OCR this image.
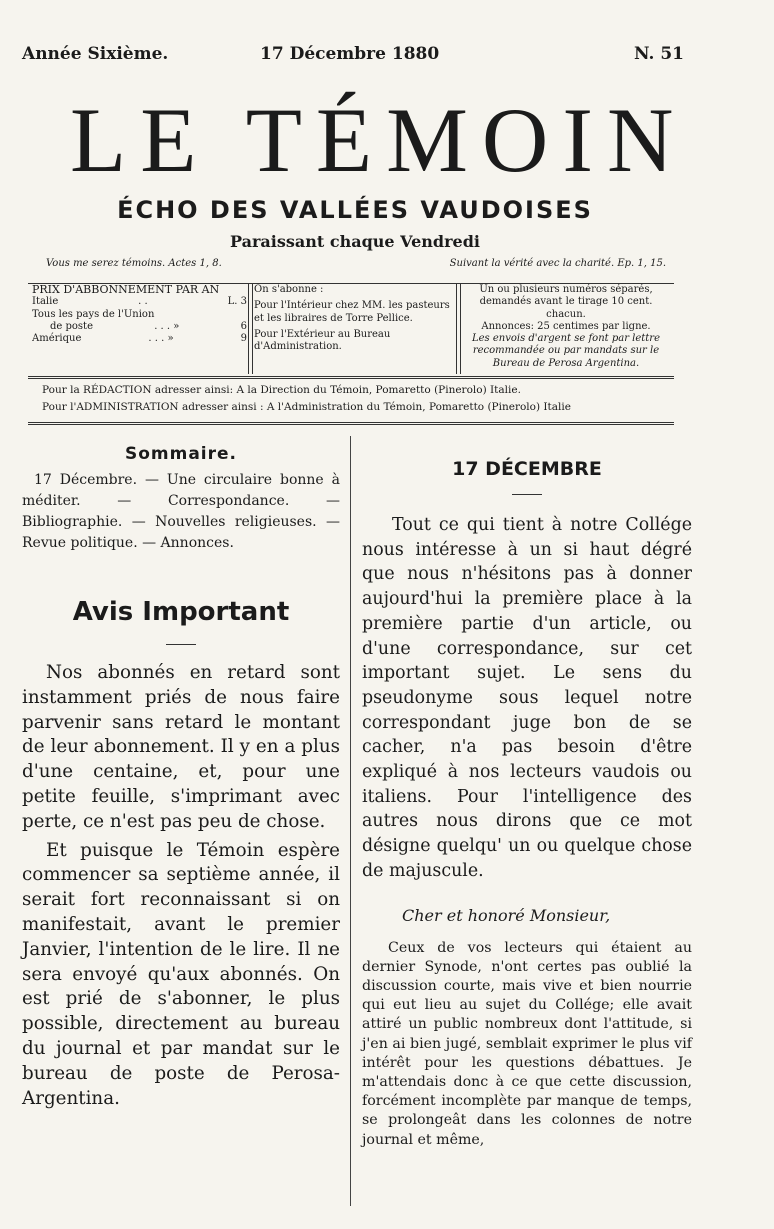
Année Sixième.	17 Décembre 1880	N. 51
LE TÉMOIN
ÉCHO DES VALLÉES VAUDOISES
Paraissant chaque Vendredi
Vous me serez témoins. Actes 1, 8.	Suivant la vérité avec la charité. Ep. 1, 15.
PRIX D'ABBONNEMENT PAR AN
Italie	. .	L. 3
Tous les pays de l'Union
de poste	. . . »	6
Amérique	. . . »	9

On s'abonne :

Pour l'Intérieur chez MM. les pasteurs et les libraires de Torre Pellice.

Pour l'Extérieur au Bureau d'Administration.

Un ou plusieurs numéros séparés, demandés avant le tirage 10 cent. chacun.

Annonces: 25 centimes par ligne.

Les envois d'argent se font par lettre recommandée ou par mandats sur le Bureau de Perosa Argentina.

Pour la RÉDACTION adresser ainsi: A la Direction du Témoin, Pomaretto (Pinerolo) Italie.
Pour l'ADMINISTRATION adresser ainsi : A l'Administration du Témoin, Pomaretto (Pinerolo) Italie
Sommaire.

17 Décembre. — Une circulaire bonne à méditer. — Correspondance. — Bibliographie. — Nouvelles religieuses. — Revue politique. — Annonces.

Avis Important

Nos abonnés en retard sont instamment priés de nous faire parvenir sans retard le montant de leur abonnement. Il y en a plus d'une centaine, et, pour une petite feuille, s'imprimant avec perte, ce n'est pas peu de chose.

Et puisque le Témoin espère commencer sa septième année, il serait fort reconnaissant si on manifestait, avant le premier Janvier, l'intention de le lire. Il ne sera envoyé qu'aux abonnés. On est prié de s'abonner, le plus possible, directement au bureau du journal et par mandat sur le bureau de poste de Perosa-Argentina.

17 DÉCEMBRE

Tout ce qui tient à notre Collége nous intéresse à un si haut dégré que nous n'hésitons pas à donner aujourd'hui la première place à la première partie d'un article, ou d'une correspondance, sur cet important sujet. Le sens du pseudonyme sous lequel notre correspondant juge bon de se cacher, n'a pas besoin d'être expliqué à nos lecteurs vaudois ou italiens. Pour l'intelligence des autres nous dirons que ce mot désigne quelqu' un ou quelque chose de majuscule.

Cher et honoré Monsieur,

Ceux de vos lecteurs qui étaient au dernier Synode, n'ont certes pas oublié la discussion courte, mais vive et bien nourrie qui eut lieu au sujet du Collége; elle avait attiré un public nombreux dont l'attitude, si j'en ai bien jugé, semblait exprimer le plus vif intérêt pour les questions débattues. Je m'attendais donc à ce que cette discussion, forcément incomplète par manque de temps, se prolongeât dans les colonnes de notre journal et même,
